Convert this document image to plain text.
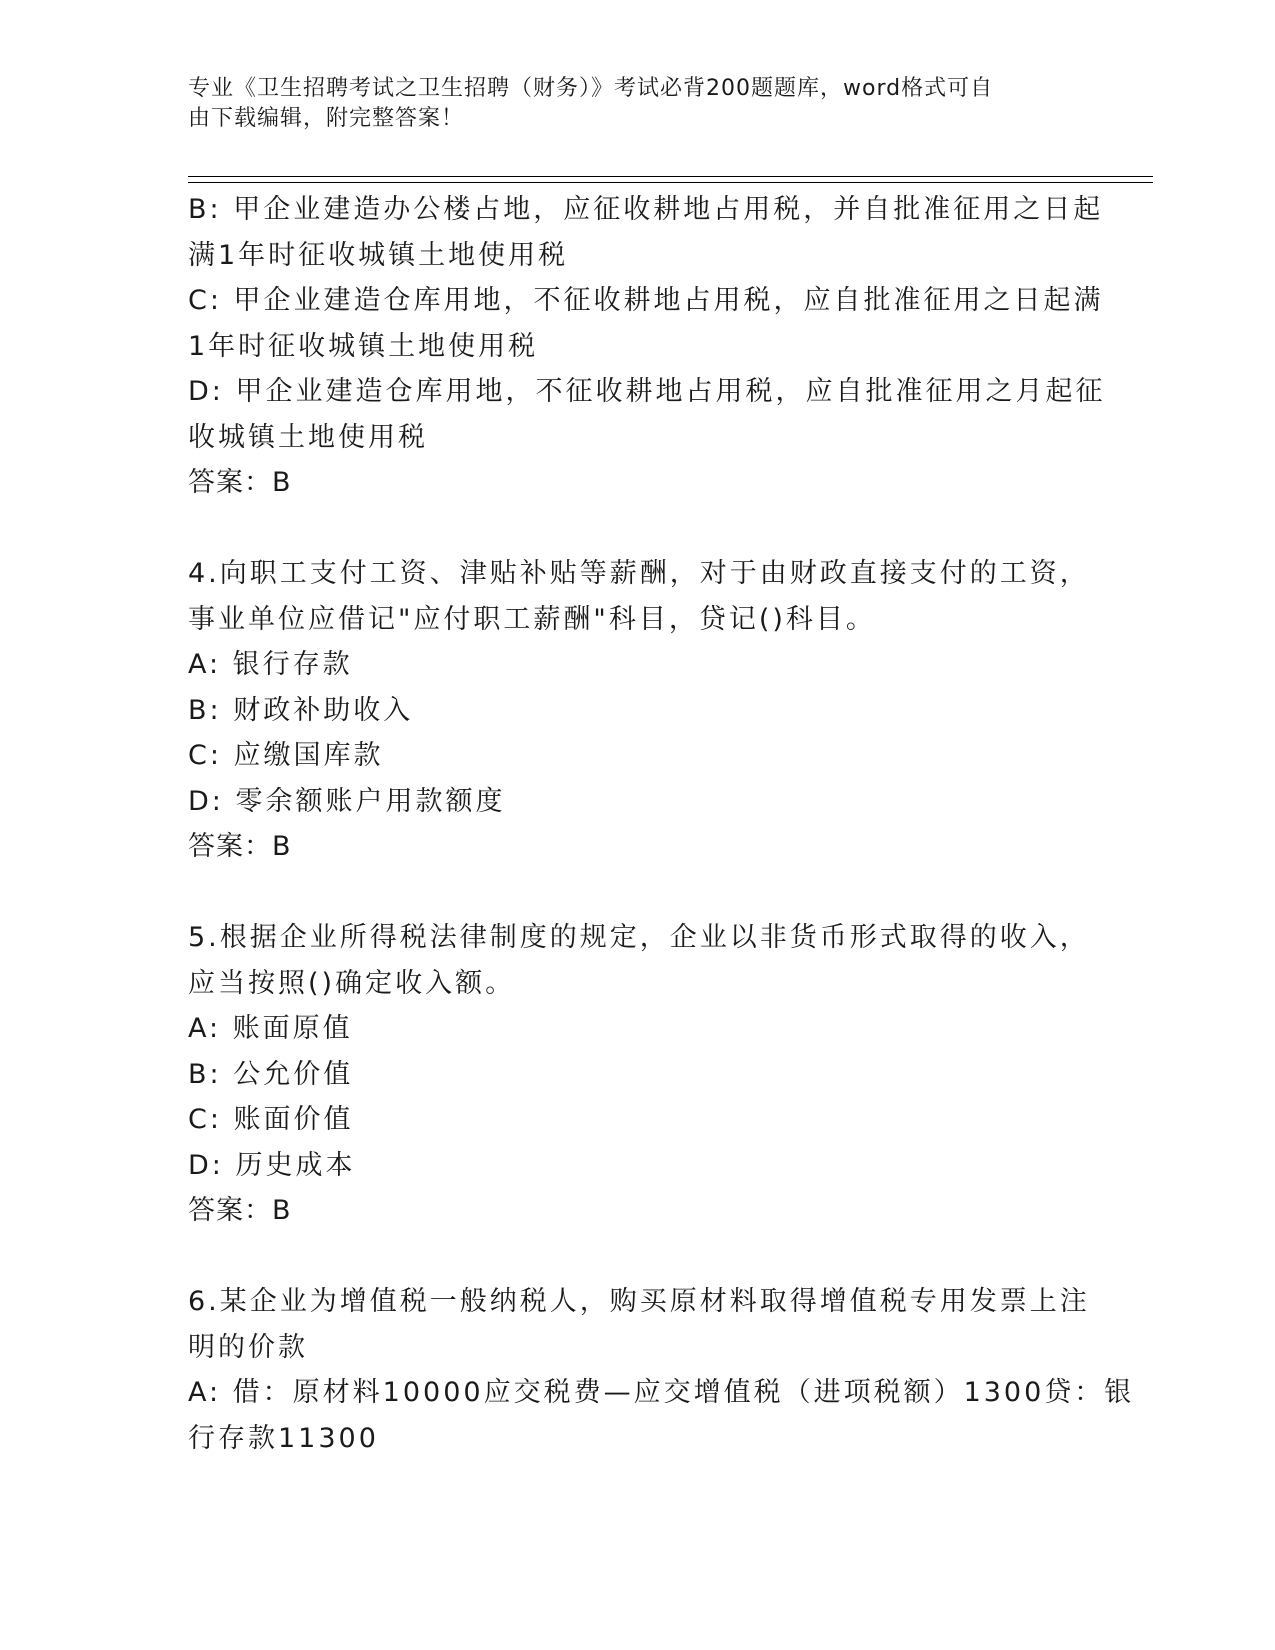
专业《卫生招聘考试之卫生招聘（财务）》考试必背200题题库，word格式可自
由下载编辑，附完整答案！
B: 甲企业建造办公楼占地，应征收耕地占用税，并自批准征用之日起
满1年时征收城镇土地使用税
C: 甲企业建造仓库用地，不征收耕地占用税，应自批准征用之日起满
1年时征收城镇土地使用税
D: 甲企业建造仓库用地，不征收耕地占用税，应自批准征用之月起征
收城镇土地使用税
答案：B
4.向职工支付工资、津贴补贴等薪酬，对于由财政直接支付的工资，
事业单位应借记"应付职工薪酬"科目，贷记()科目。
A: 银行存款
B: 财政补助收入
C: 应缴国库款
D: 零余额账户用款额度
答案：B
5.根据企业所得税法律制度的规定，企业以非货币形式取得的收入，
应当按照()确定收入额。
A: 账面原值
B: 公允价值
C: 账面价值
D: 历史成本
答案：B
6.某企业为增值税一般纳税人，购买原材料取得增值税专用发票上注
明的价款
A: 借：原材料10000应交税费—应交增值税（进项税额）1300贷：银
行存款11300
